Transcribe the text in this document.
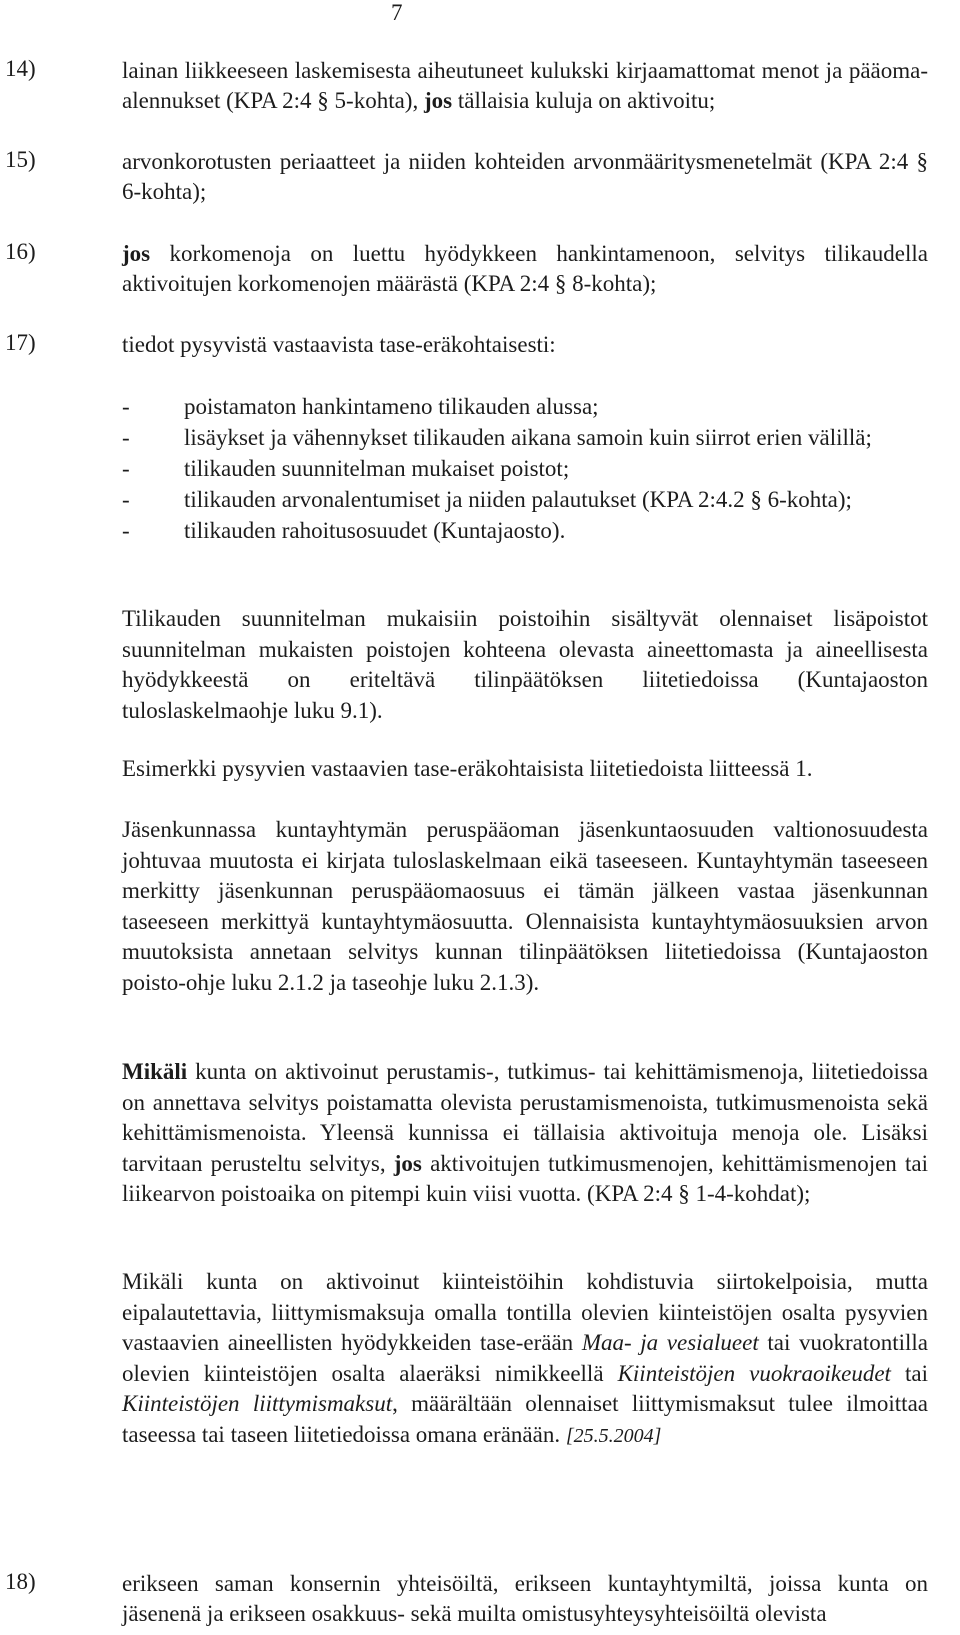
7
14)	lainan liikkeeseen laskemisesta aiheutuneet kulukski kirjaamattomat menot ja pääoma-alennukset (KPA 2:4 § 5-kohta), jos tällaisia kuluja on aktivoitu;
15)	arvonkorotusten periaatteet ja niiden kohteiden arvonmääritysmenetelmät (KPA 2:4 § 6-kohta);
16)	jos korkomenoja on luettu hyödykkeen hankintamenoon, selvitys tilikaudella aktivoitujen korkomenojen määrästä (KPA 2:4 § 8-kohta);
17)	tiedot pysyvistä vastaavista tase-eräkohtaisesti:
-	poistamaton hankintameno tilikauden alussa;
-	lisäykset ja vähennykset tilikauden aikana samoin kuin siirrot erien välillä;
-	tilikauden suunnitelman mukaiset poistot;
-	tilikauden arvonalentumiset ja niiden palautukset (KPA 2:4.2 § 6-kohta);
-	tilikauden rahoitusosuudet (Kuntajaosto).
Tilikauden suunnitelman mukaisiin poistoihin sisältyvät olennaiset lisäpoistot suunnitelman mukaisten poistojen kohteena olevasta aineettomasta ja aineellisesta hyödykkeestä on eriteltävä tilinpäätöksen liitetiedoissa (Kuntajaoston tuloslaskelmaohje luku 9.1).
Esimerkki pysyvien vastaavien tase-eräkohtaisista liitetiedoista liitteessä 1.
Jäsenkunnassa kuntayhtymän peruspääoman jäsenkuntaosuuden valtionosuudesta johtuvaa muutosta ei kirjata tuloslaskelmaan eikä taseeseen. Kuntayhtymän taseeseen merkitty jäsenkunnan peruspääomaosuus ei tämän jälkeen vastaa jäsenkunnan taseeseen merkittyä kuntayhtymäosuutta. Olennaisista kuntayhtymäosuuksien arvon muutoksista annetaan selvitys kunnan tilinpäätöksen liitetiedoissa (Kuntajaoston poisto-ohje luku 2.1.2 ja taseohje luku 2.1.3).
Mikäli kunta on aktivoinut perustamis-, tutkimus- tai kehittämismenoja, liitetiedoissa on annettava selvitys poistamatta olevista perustamismenoista, tutkimusmenoista sekä kehittämismenoista. Yleensä kunnissa ei tällaisia aktivoituja menoja ole. Lisäksi tarvitaan perusteltu selvitys, jos aktivoitujen tutkimusmenojen, kehittämismenojen tai liikearvon poistoaika on pitempi kuin viisi vuotta. (KPA 2:4 § 1-4-kohdat);
Mikäli kunta on aktivoinut kiinteistöihin kohdistuvia siirtokelpoisia, mutta eipalautettavia, liittymismaksuja omalla tontilla olevien kiinteistöjen osalta pysyvien vastaavien aineellisten hyödykkeiden tase-erään Maa- ja vesialueet tai vuokratontilla olevien kiinteistöjen osalta alaeräksi nimikkeellä Kiinteistöjen vuokraoikeudet tai Kiinteistöjen liittymismaksut, määrältään olennaiset liittymismaksut tulee ilmoittaa taseessa tai taseen liitetiedoissa omana eränään. [25.5.2004]
18)	erikseen saman konsernin yhteisöiltä, erikseen kuntayhtymiltä, joissa kunta on jäsenenä ja erikseen osakkuus- sekä muilta omistusyhteysyhteisöiltä olevista
